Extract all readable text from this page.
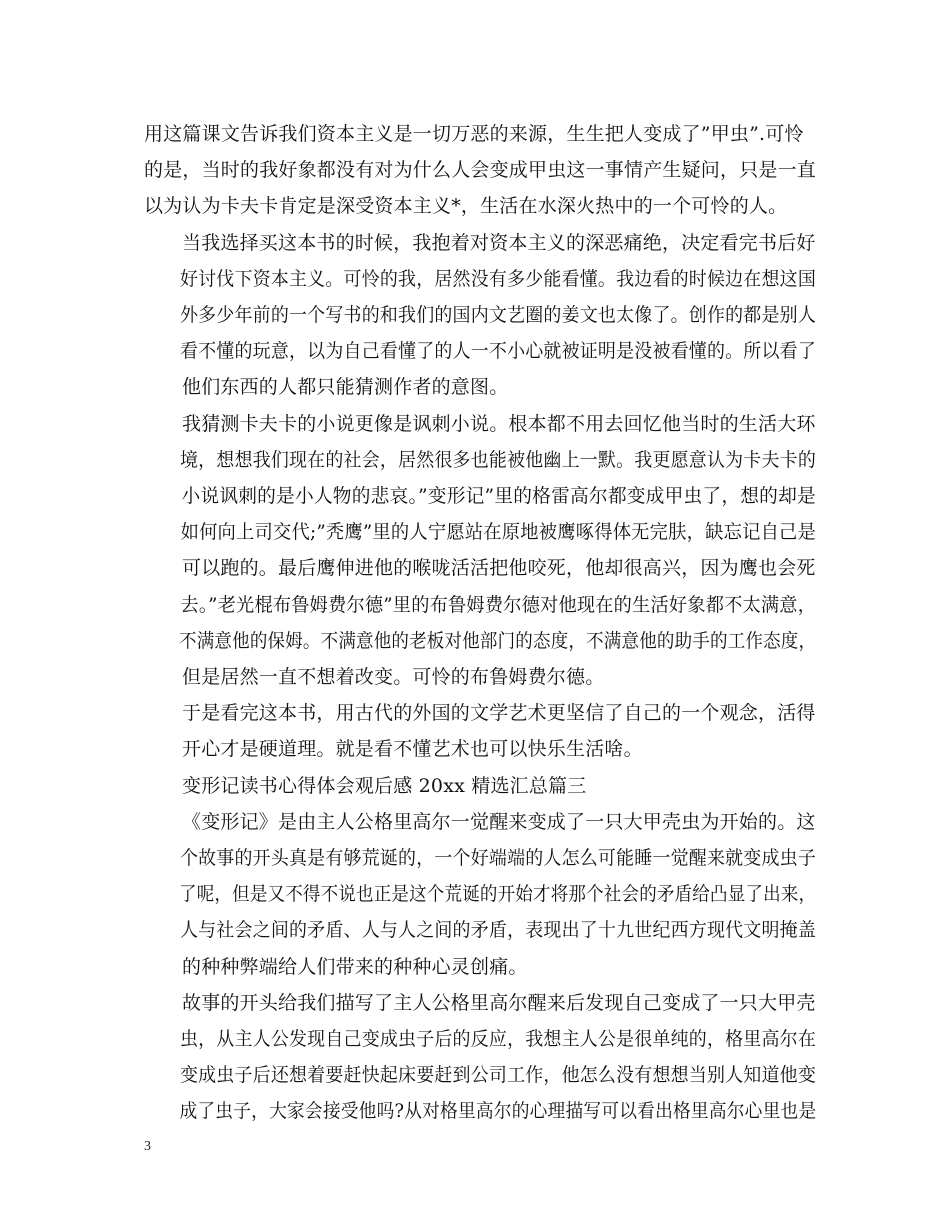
用这篇课文告诉我们资本主义是一切万恶的来源，生生把人变成了”甲虫”.可怜
的是，当时的我好象都没有对为什么人会变成甲虫这一事情产生疑问，只是一直
以为认为卡夫卡肯定是深受资本主义*，生活在水深火热中的一个可怜的人。

当我选择买这本书的时候，我抱着对资本主义的深恶痛绝，决定看完书后好
好讨伐下资本主义。可怜的我，居然没有多少能看懂。我边看的时候边在想这国
外多少年前的一个写书的和我们的国内文艺圈的姜文也太像了。创作的都是别人
看不懂的玩意，以为自己看懂了的人一不小心就被证明是没被看懂的。所以看了
他们东西的人都只能猜测作者的意图。

我猜测卡夫卡的小说更像是讽刺小说。根本都不用去回忆他当时的生活大环
境，想想我们现在的社会，居然很多也能被他幽上一默。我更愿意认为卡夫卡的
小说讽刺的是小人物的悲哀。”变形记”里的格雷高尔都变成甲虫了，想的却是
如何向上司交代;”秃鹰”里的人宁愿站在原地被鹰啄得体无完肤，缺忘记自己是
可以跑的。最后鹰伸进他的喉咙活活把他咬死，他却很高兴，因为鹰也会死
去。”老光棍布鲁姆费尔德”里的布鲁姆费尔德对他现在的生活好象都不太满意，
不满意他的保姆。不满意他的老板对他部门的态度，不满意他的助手的工作态度，
但是居然一直不想着改变。可怜的布鲁姆费尔德。

于是看完这本书，用古代的外国的文学艺术更坚信了自己的一个观念，活得
开心才是硬道理。就是看不懂艺术也可以快乐生活啥。

变形记读书心得体会观后感 20xx 精选汇总篇三

《变形记》是由主人公格里高尔一觉醒来变成了一只大甲壳虫为开始的。这
个故事的开头真是有够荒诞的，一个好端端的人怎么可能睡一觉醒来就变成虫子
了呢，但是又不得不说也正是这个荒诞的开始才将那个社会的矛盾给凸显了出来，
人与社会之间的矛盾、人与人之间的矛盾，表现出了十九世纪西方现代文明掩盖
的种种弊端给人们带来的种种心灵创痛。

故事的开头给我们描写了主人公格里高尔醒来后发现自己变成了一只大甲壳
虫，从主人公发现自己变成虫子后的反应，我想主人公是很单纯的，格里高尔在
变成虫子后还想着要赶快起床要赶到公司工作，他怎么没有想想当别人知道他变
成了虫子，大家会接受他吗?从对格里高尔的心理描写可以看出格里高尔心里也是

3
